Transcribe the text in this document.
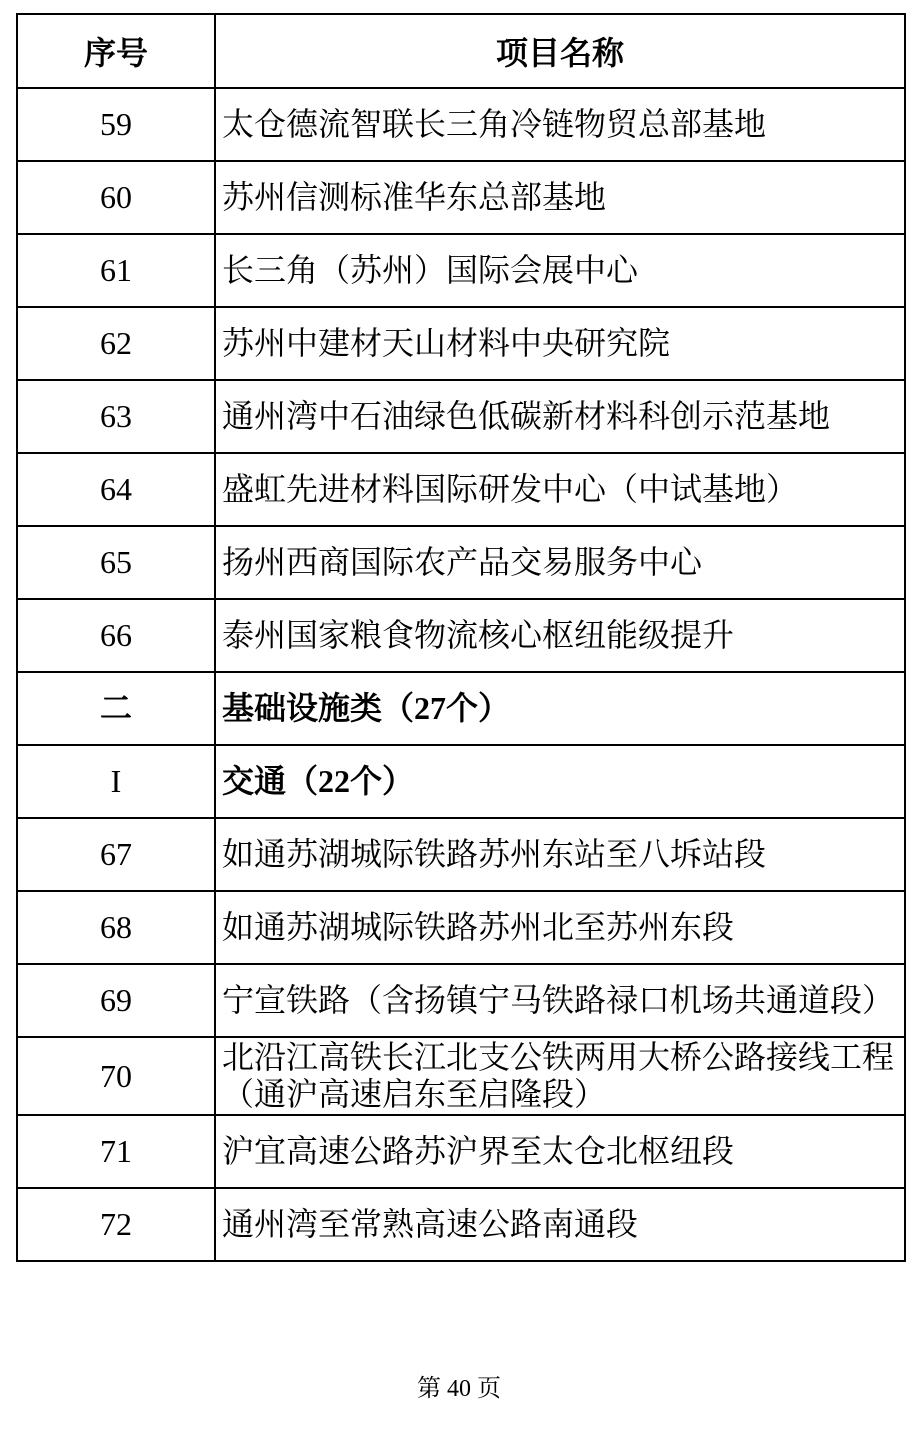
序号	项目名称
59	太仓德流智联长三角冷链物贸总部基地
60	苏州信测标准华东总部基地
61	长三角（苏州）国际会展中心
62	苏州中建材天山材料中央研究院
63	通州湾中石油绿色低碳新材料科创示范基地
64	盛虹先进材料国际研发中心（中试基地）
65	扬州西商国际农产品交易服务中心
66	泰州国家粮食物流核心枢纽能级提升
二	基础设施类（27个）
I	交通（22个）
67	如通苏湖城际铁路苏州东站至八坼站段
68	如通苏湖城际铁路苏州北至苏州东段
69	宁宣铁路（含扬镇宁马铁路禄口机场共通道段）
70	北沿江高铁长江北支公铁两用大桥公路接线工程（通沪高速启东至启隆段）
71	沪宜高速公路苏沪界至太仓北枢纽段
72	通州湾至常熟高速公路南通段
第 40 页
